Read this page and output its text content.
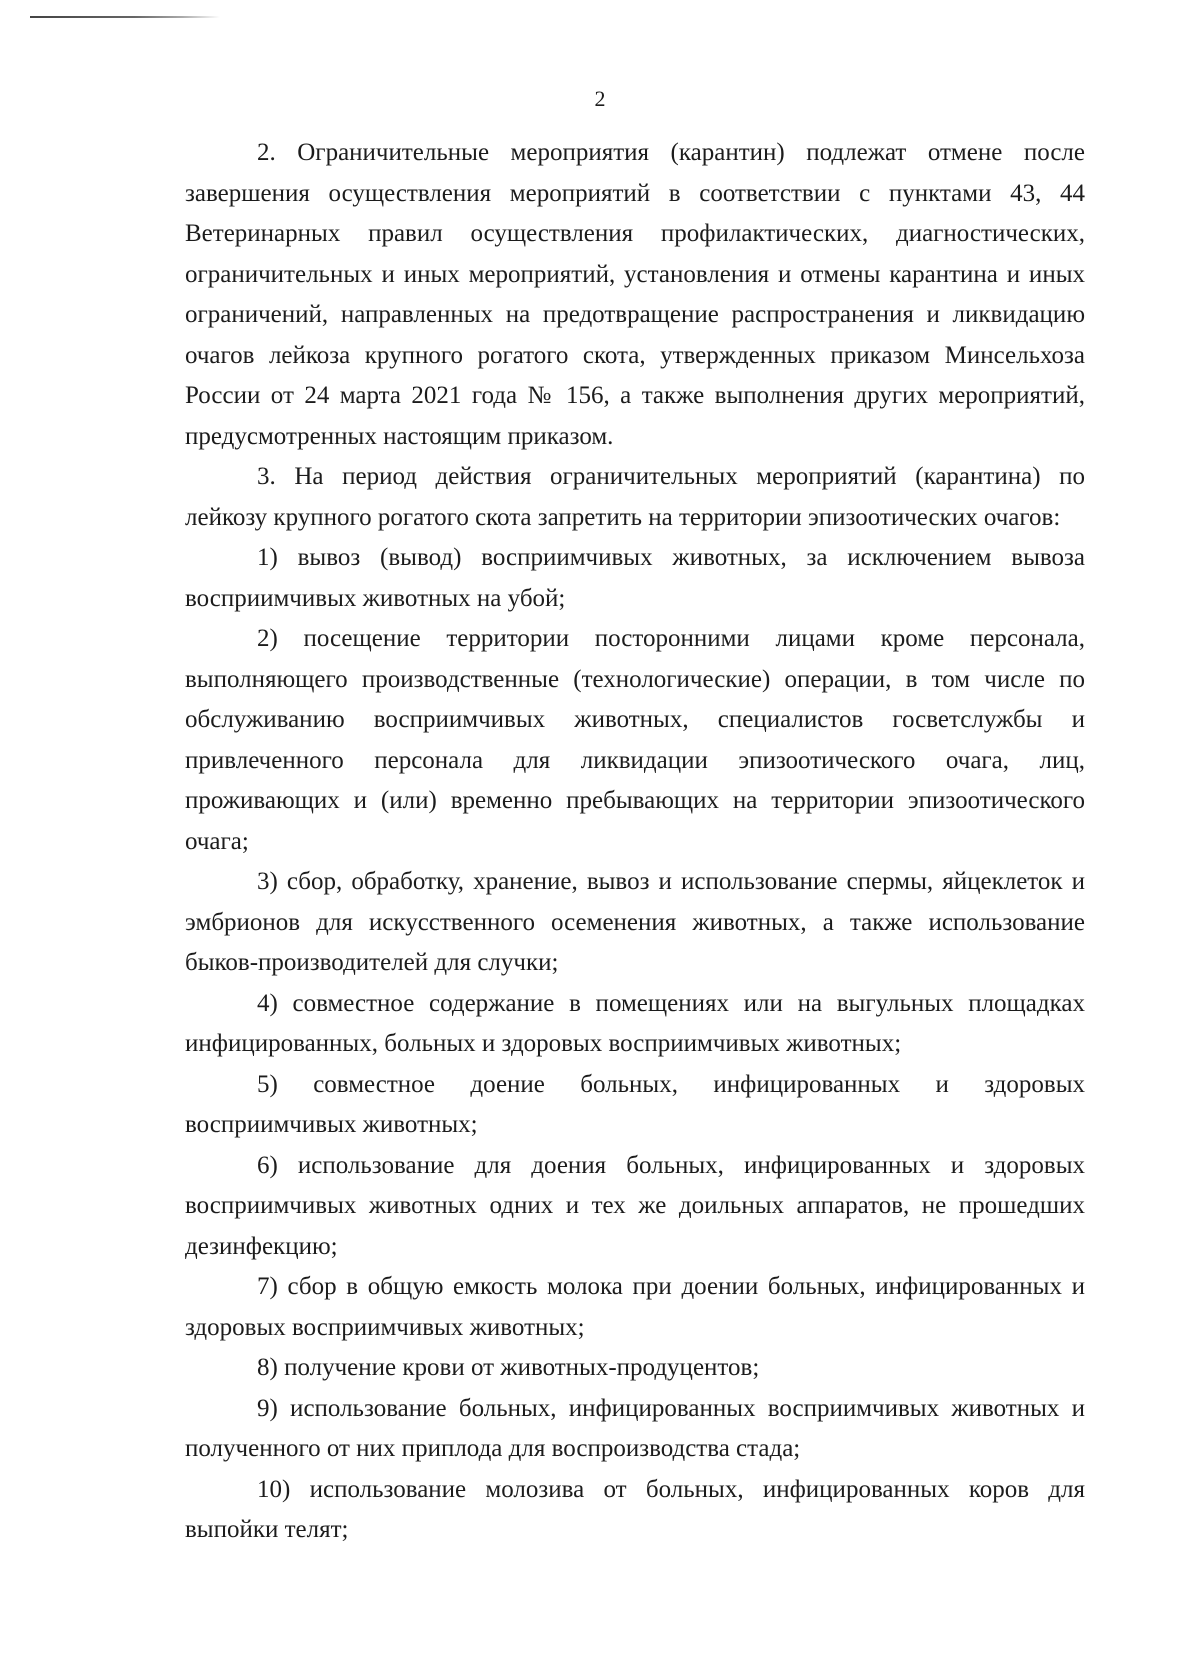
2

2. Ограничительные мероприятия (карантин) подлежат отмене после завершения осуществления мероприятий в соответствии с пунктами 43, 44 Ветеринарных правил осуществления профилактических, диагностических, ограничительных и иных мероприятий, установления и отмены карантина и иных ограничений, направленных на предотвращение распространения и ликвидацию очагов лейкоза крупного рогатого скота, утвержденных приказом Минсельхоза России от 24 марта 2021 года № 156, а также выполнения других мероприятий, предусмотренных настоящим приказом.

3. На период действия ограничительных мероприятий (карантина) по лейкозу крупного рогатого скота запретить на территории эпизоотических очагов:

1) вывоз (вывод) восприимчивых животных, за исключением вывоза восприимчивых животных на убой;

2) посещение территории посторонними лицами кроме персонала, выполняющего производственные (технологические) операции, в том числе по обслуживанию восприимчивых животных, специалистов госветслужбы и привлеченного персонала для ликвидации эпизоотического очага, лиц, проживающих и (или) временно пребывающих на территории эпизоотического очага;

3) сбор, обработку, хранение, вывоз и использование спермы, яйцеклеток и эмбрионов для искусственного осеменения животных, а также использование быков-производителей для случки;

4) совместное содержание в помещениях или на выгульных площадках инфицированных, больных и здоровых восприимчивых животных;

5) совместное доение больных, инфицированных и здоровых восприимчивых животных;

6) использование для доения больных, инфицированных и здоровых восприимчивых животных одних и тех же доильных аппаратов, не прошедших дезинфекцию;

7) сбор в общую емкость молока при доении больных, инфицированных и здоровых восприимчивых животных;

8) получение крови от животных-продуцентов;

9) использование больных, инфицированных восприимчивых животных и полученного от них приплода для воспроизводства стада;

10) использование молозива от больных, инфицированных коров для выпойки телят;
